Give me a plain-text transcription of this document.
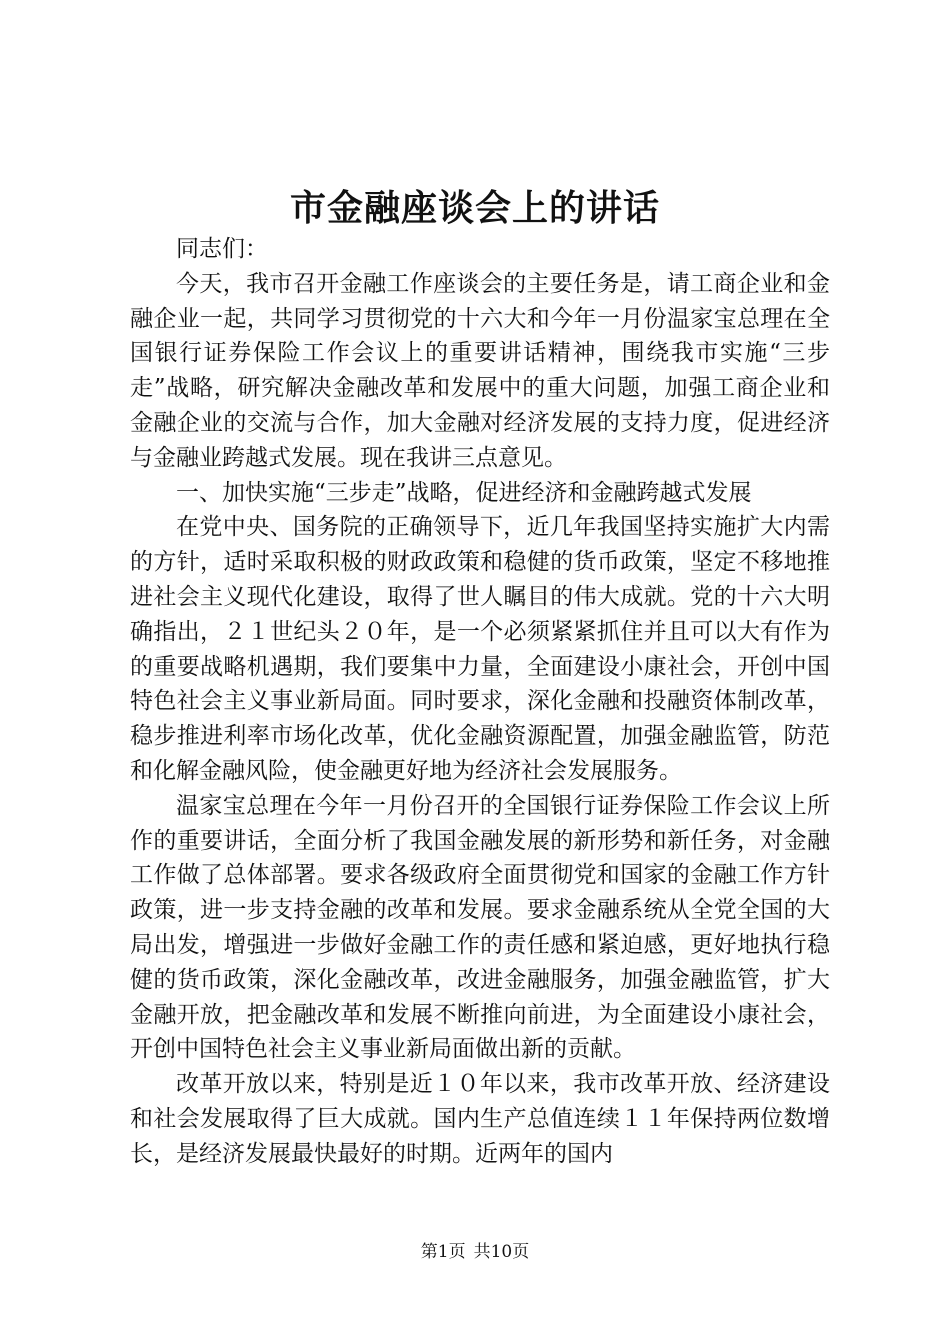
市金融座谈会上的讲话

同志们：

今天，我市召开金融工作座谈会的主要任务是，请工商企业和金融企业一起，共同学习贯彻党的十六大和今年一月份温家宝总理在全国银行证券保险工作会议上的重要讲话精神，围绕我市实施“三步走”战略，研究解决金融改革和发展中的重大问题，加强工商企业和金融企业的交流与合作，加大金融对经济发展的支持力度，促进经济与金融业跨越式发展。现在我讲三点意见。

一、加快实施“三步走”战略，促进经济和金融跨越式发展

在党中央、国务院的正确领导下，近几年我国坚持实施扩大内需的方针，适时采取积极的财政政策和稳健的货币政策，坚定不移地推进社会主义现代化建设，取得了世人瞩目的伟大成就。党的十六大明确指出，２１世纪头２０年，是一个必须紧紧抓住并且可以大有作为的重要战略机遇期，我们要集中力量，全面建设小康社会，开创中国特色社会主义事业新局面。同时要求，深化金融和投融资体制改革，稳步推进利率市场化改革，优化金融资源配置，加强金融监管，防范和化解金融风险，使金融更好地为经济社会发展服务。

温家宝总理在今年一月份召开的全国银行证券保险工作会议上所作的重要讲话，全面分析了我国金融发展的新形势和新任务，对金融工作做了总体部署。要求各级政府全面贯彻党和国家的金融工作方针政策，进一步支持金融的改革和发展。要求金融系统从全党全国的大局出发，增强进一步做好金融工作的责任感和紧迫感，更好地执行稳健的货币政策，深化金融改革，改进金融服务，加强金融监管，扩大金融开放，把金融改革和发展不断推向前进，为全面建设小康社会，开创中国特色社会主义事业新局面做出新的贡献。

改革开放以来，特别是近１０年以来，我市改革开放、经济建设和社会发展取得了巨大成就。国内生产总值连续１１年保持两位数增长，是经济发展最快最好的时期。近两年的国内

第1页 共10页
